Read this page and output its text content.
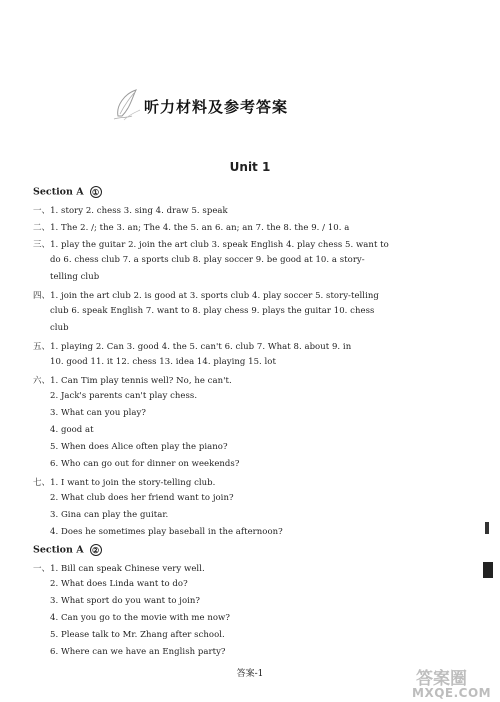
听力材料及参考答案
Unit 1
Section A ①
一、1. story 2. chess 3. sing 4. draw 5. speak
二、1. The 2. /; the 3. an; The 4. the 5. an 6. an; an 7. the 8. the 9. / 10. a
三、1. play the guitar 2. join the art club 3. speak English 4. play chess 5. want to
do 6. chess club 7. a sports club 8. play soccer 9. be good at 10. a story-
telling club
四、1. join the art club 2. is good at 3. sports club 4. play soccer 5. story-telling
club 6. speak English 7. want to 8. play chess 9. plays the guitar 10. chess
club
五、1. playing 2. Can 3. good 4. the 5. can't 6. club 7. What 8. about 9. in
10. good 11. it 12. chess 13. idea 14. playing 15. lot
六、1. Can Tim play tennis well? No, he can't.
2. Jack's parents can't play chess.
3. What can you play?
4. good at
5. When does Alice often play the piano?
6. Who can go out for dinner on weekends?
七、1. I want to join the story-telling club.
2. What club does her friend want to join?
3. Gina can play the guitar.
4. Does he sometimes play baseball in the afternoon?
Section A ②
一、1. Bill can speak Chinese very well.
2. What does Linda want to do?
3. What sport do you want to join?
4. Can you go to the movie with me now?
5. Please talk to Mr. Zhang after school.
6. Where can we have an English party?
答案-1	答案圈
MXQE.COM
